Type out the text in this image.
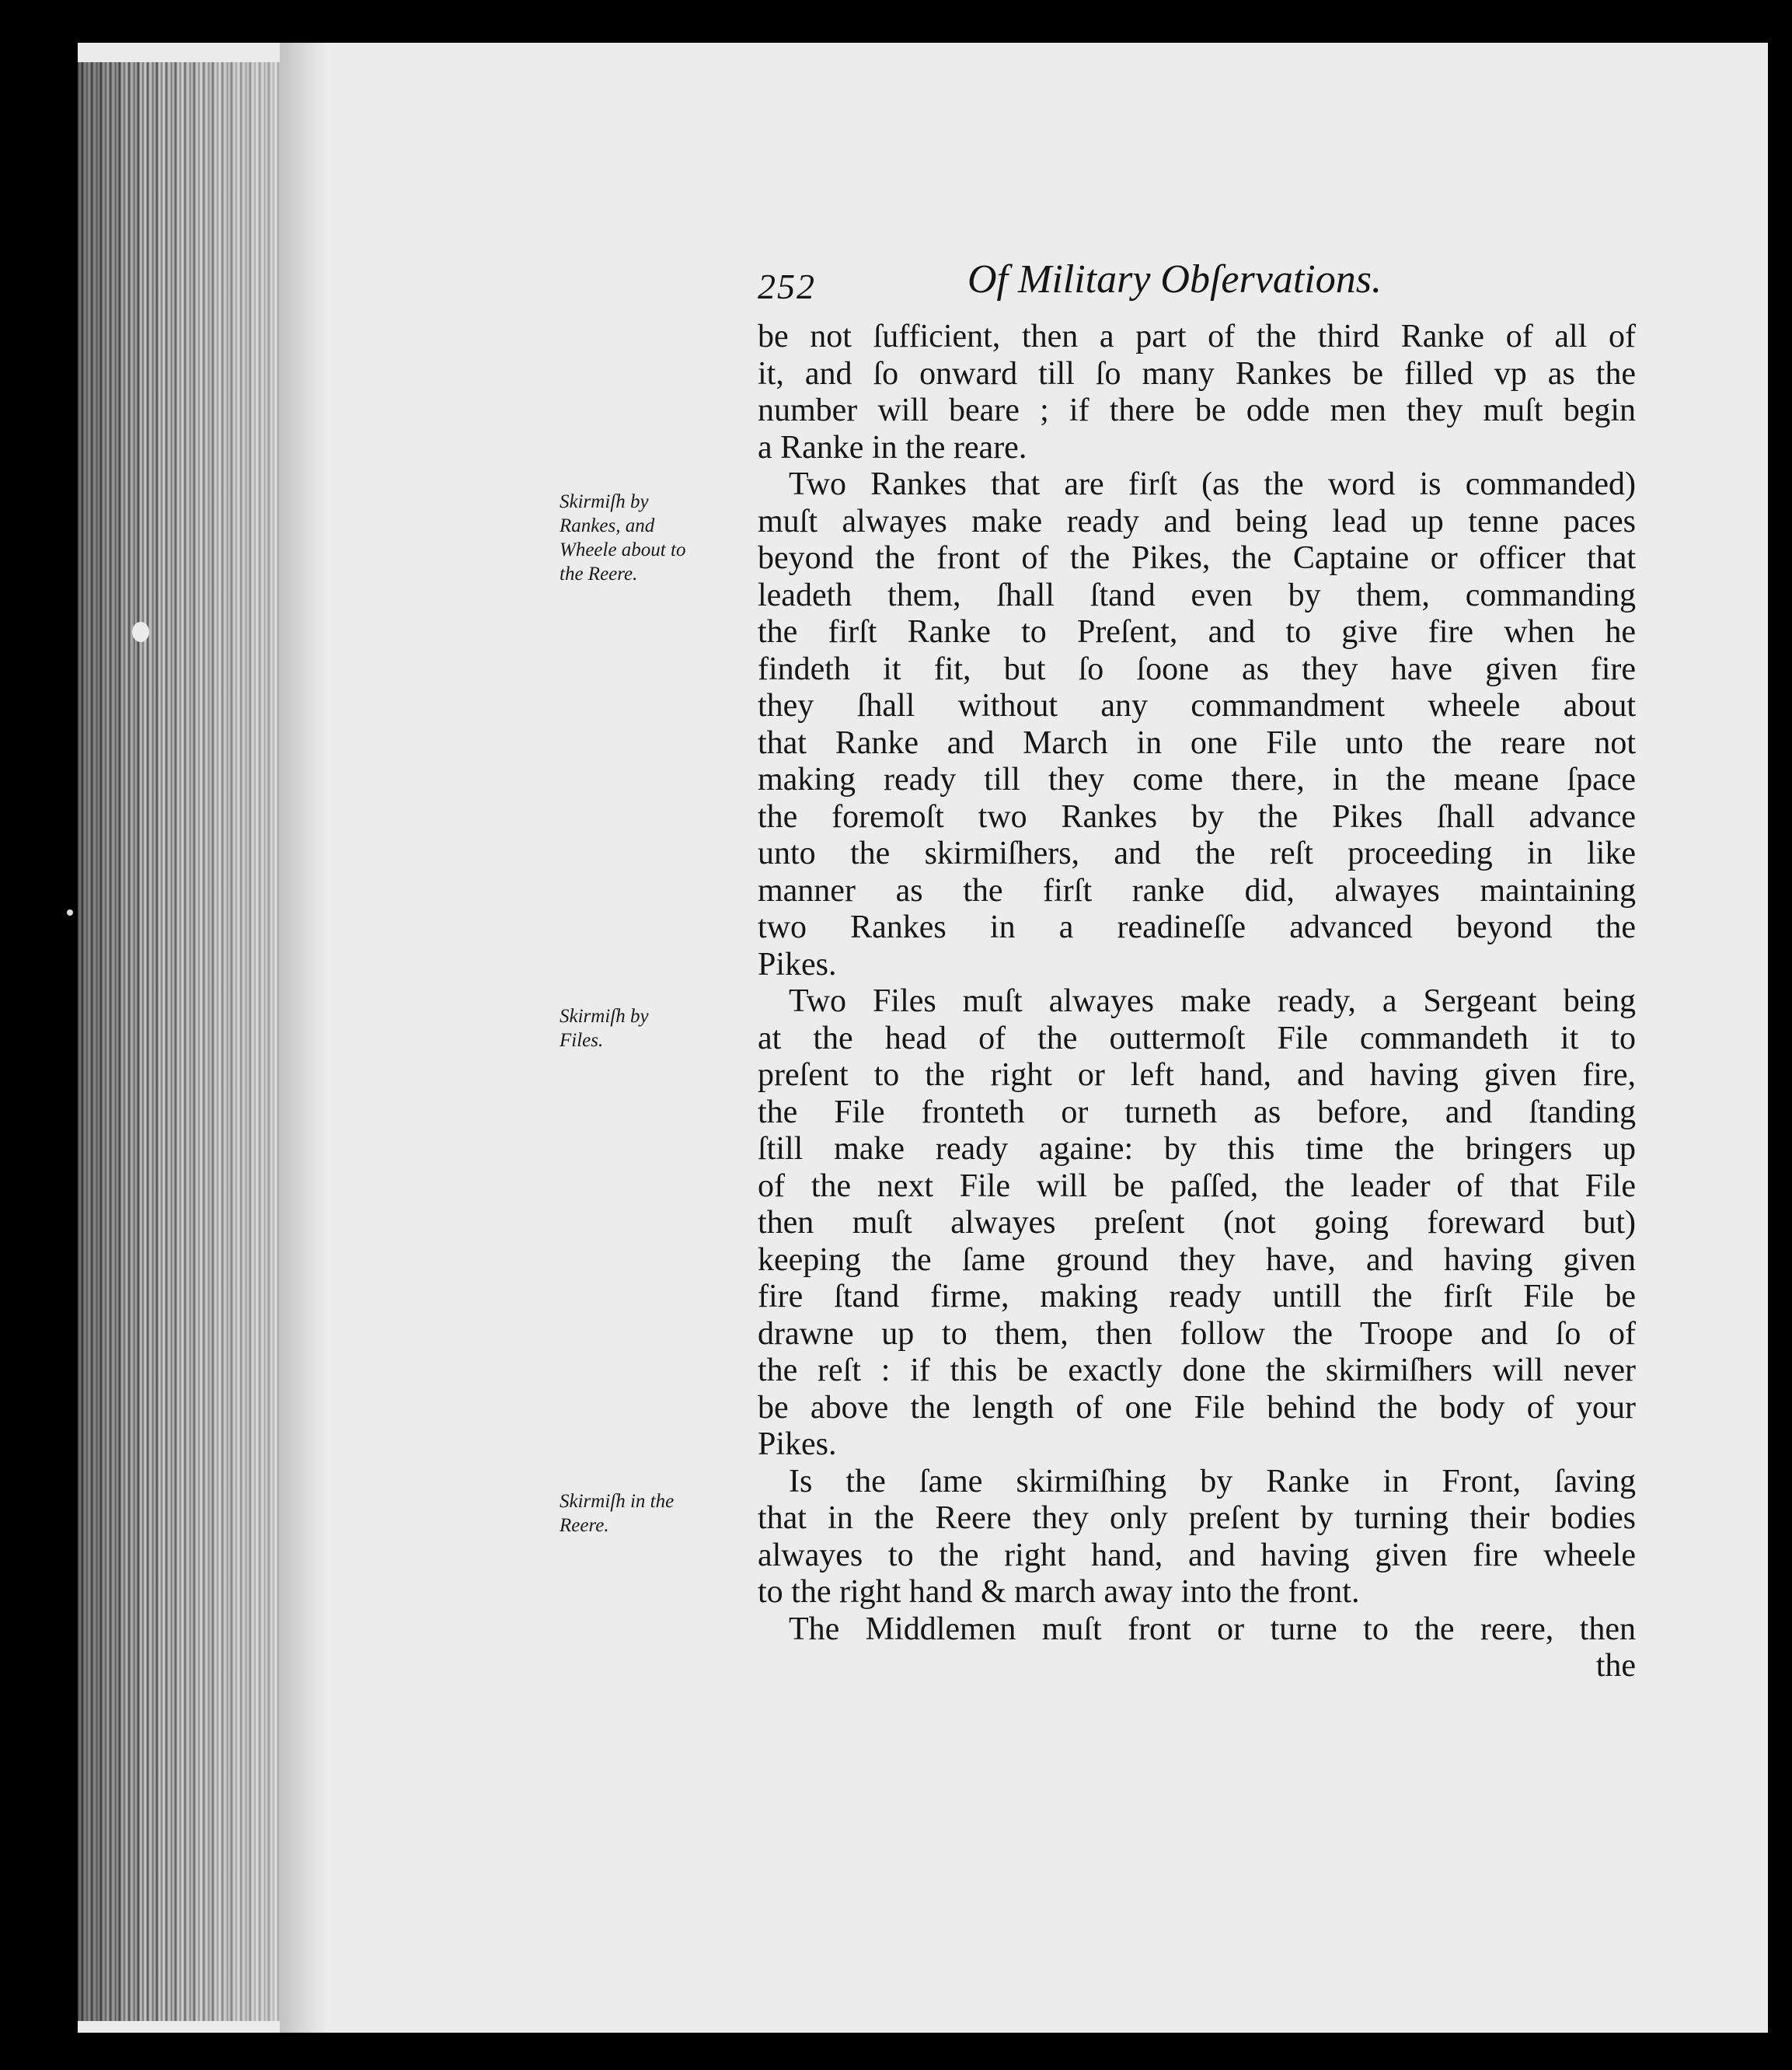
252	Of Military Obſervations.
Skirmiſh by
Rankes, and
Wheele about to
the Reere.
Skirmiſh by
Files.
Skirmiſh in the
Reere.
be not ſufficient, then a part of the third Ranke of all of
it, and ſo onward till ſo many Rankes be filled vp as the
number will beare ; if there be odde men they muſt begin
a Ranke in the reare.
Two Rankes that are firſt (as the word is commanded)
muſt alwayes make ready and being lead up tenne paces
beyond the front of the Pikes, the Captaine or officer that
leadeth them, ſhall ſtand even by them, commanding
the firſt Ranke to Preſent, and to give fire when he
findeth it fit, but ſo ſoone as they have given fire
they ſhall without any commandment wheele about
that Ranke and March in one File unto the reare not
making ready till they come there, in the meane ſpace
the foremoſt two Rankes by the Pikes ſhall advance
unto the skirmiſhers, and the reſt proceeding in like
manner as the firſt ranke did, alwayes maintaining
two Rankes in a readineſſe advanced beyond the
Pikes.
Two Files muſt alwayes make ready, a Sergeant being
at the head of the outtermoſt File commandeth it to
preſent to the right or left hand, and having given fire,
the File fronteth or turneth as before, and ſtanding
ſtill make ready againe: by this time the bringers up
of the next File will be paſſed, the leader of that File
then muſt alwayes preſent (not going foreward but)
keeping the ſame ground they have, and having given
fire ſtand firme, making ready untill the firſt File be
drawne up to them, then follow the Troope and ſo of
the reſt : if this be exactly done the skirmiſhers will never
be above the length of one File behind the body of your
Pikes.
Is the ſame skirmiſhing by Ranke in Front, ſaving
that in the Reere they only preſent by turning their bodies
alwayes to the right hand, and having given fire wheele
to the right hand & march away into the front.
The Middlemen muſt front or turne to the reere, then
the
